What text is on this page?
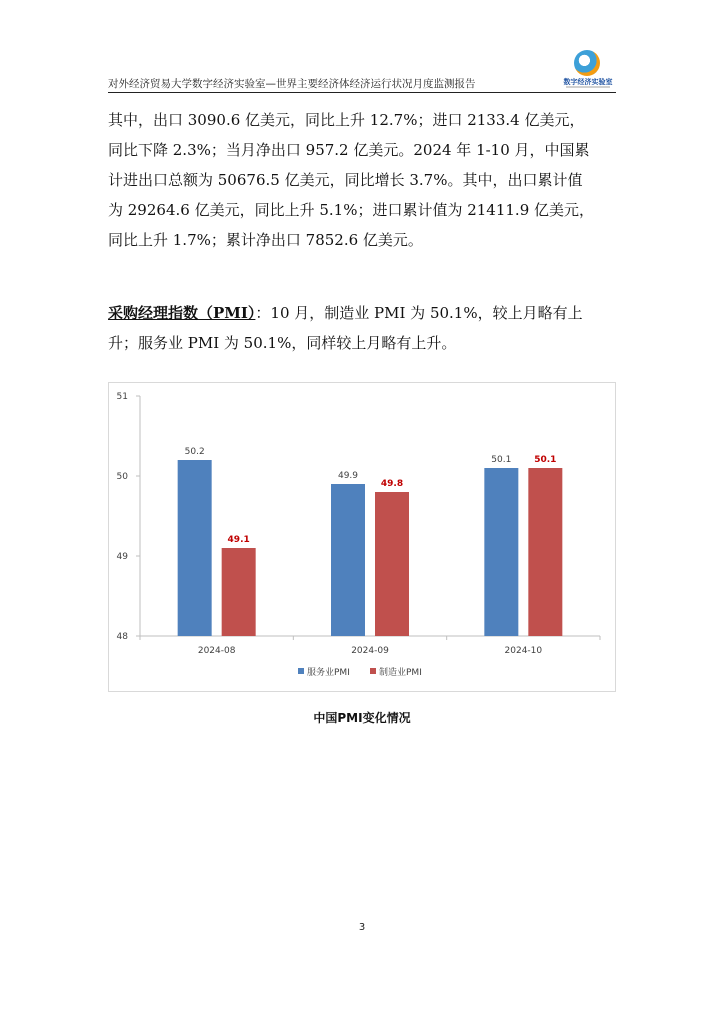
对外经济贸易大学数字经济实验室—世界主要经济体经济运行状况月度监测报告	数字经济实验室
其中，出口 3090.6 亿美元，同比上升 12.7%；进口 2133.4 亿美元，
同比下降 2.3%；当月净出口 957.2 亿美元。2024 年 1-10 月，中国累
计进出口总额为 50676.5 亿美元，同比增长 3.7%。其中，出口累计值
为 29264.6 亿美元，同比上升 5.1%；进口累计值为 21411.9 亿美元，
同比上升 1.7%；累计净出口 7852.6 亿美元。
采购经理指数（PMI）：10 月，制造业 PMI 为 50.1%，较上月略有上
升；服务业 PMI 为 50.1%，同样较上月略有上升。
48
49
50
51
2024-08
50.2
49.1
2024-09
49.9
49.8
2024-10
50.1	50.1
服务业PMI	制造业PMI
中国PMI变化情况
3
